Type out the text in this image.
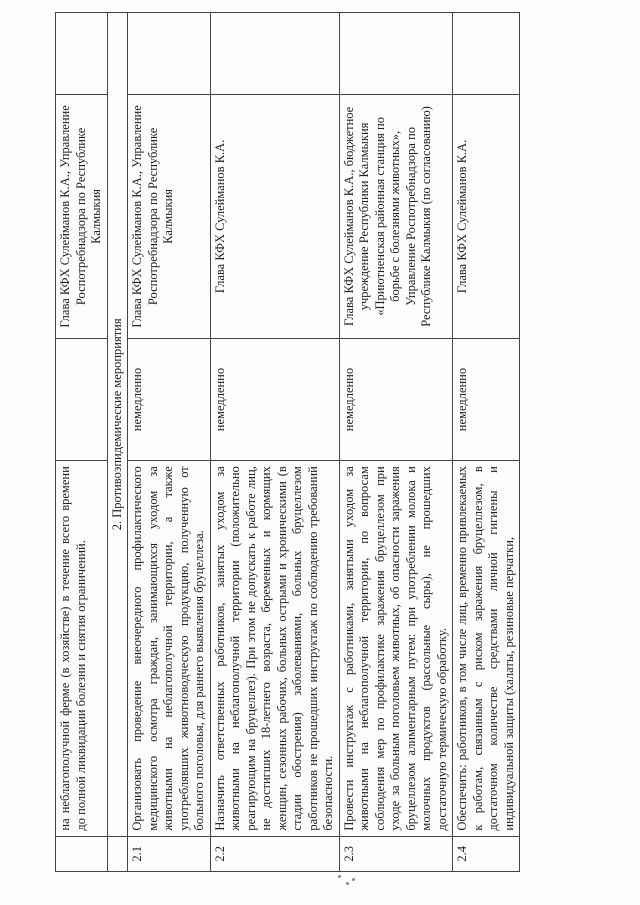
	на неблагополучной ферме (в хозяйстве) в течение всего времени до полной ликвидации болезни и снятия ограничений.		Глава КФХ Сулейманов К.А., Управление Роспотребнадзора по Республике Калмыкия	
	2. Противоэпидемические мероприятия			
2.1	Организовать проведение внеочередного профилактического медицинского осмотра граждан, занимающихся уходом за животными на неблагополучной территории, а также употреблявших животноводческую продукцию, полученную от больного поголовья, для раннего выявления бруцеллеза.	немедленно	Глава КФХ Сулейманов К.А., Управление Роспотребнадзора по Республике Калмыкия	
2.2	Назначить ответственных работников, занятых уходом за животными на неблагополучной территории (положительно реагирующим на бруцеллез). При этом не допускать к работе лиц, не достигших 18-летнего возраста, беременных и кормящих женщин, сезонных рабочих, больных острыми и хроническими (в стадии обострения) заболеваниями, больных бруцеллезом работников не прошедших инструктаж по соблюдению требований безопасности.	немедленно	Глава КФХ Сулейманов К.А.	
2.3	Провести инструктаж с работниками, занятыми уходом за животными на неблагополучной территории, по вопросам соблюдения мер по профилактике заражения бруцеллезом при уходе за больным поголовьем животных, об опасности заражения бруцеллезом алиментарным путем: при употреблении молока и молочных продуктов (рассольные сыры), не прошедших достаточную термическую обработку.	немедленно	Глава КФХ Сулейманов К.А., бюджетное учреждение Республики Калмыкия «Приютненская районная станция по борьбе с болезнями животных», Управление Роспотребнадзора по Республике Калмыкия (по согласованию)	
2.4	Обеспечить: работников, в том числе лиц, временно привлекаемых к работам, связанным с риском заражения бруцеллезом, в достаточном количестве средствами личной гигиены и индивидуальной защиты (халаты, резиновые перчатки,	немедленно	Глава КФХ Сулейманов К.А.	
